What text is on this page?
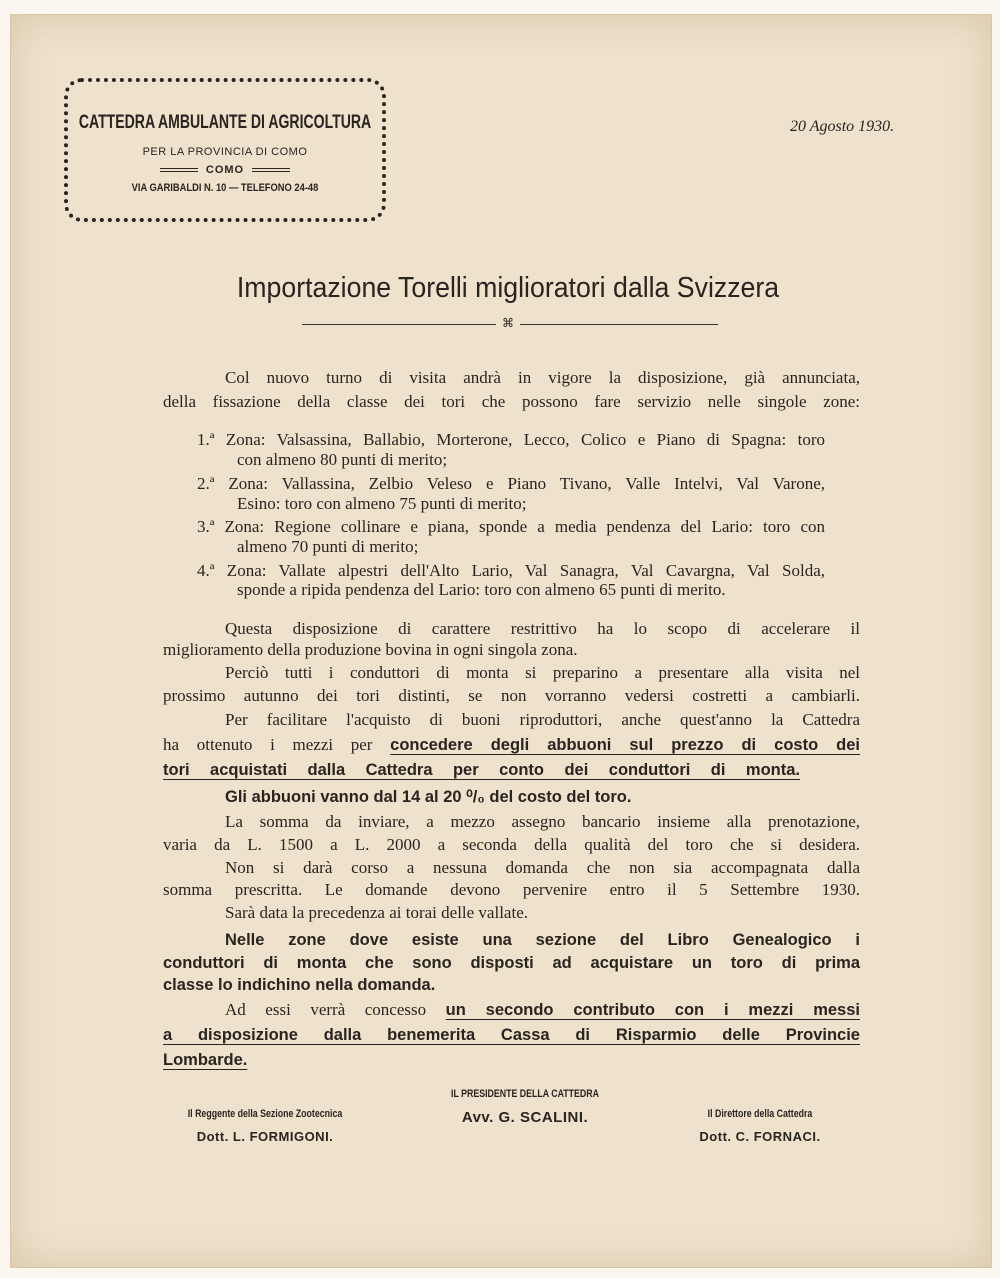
CATTEDRA AMBULANTE DI AGRICOLTURA
PER LA PROVINCIA DI COMO
COMO
VIA GARIBALDI N. 10 — TELEFONO 24-48
20 Agosto 1930.
Importazione Torelli miglioratori dalla Svizzera
⌘
Col nuovo turno di visita andrà in vigore la disposizione, già annunciata,
della fissazione della classe dei tori che possono fare servizio nelle singole zone:
1.ª Zona: Valsassina, Ballabio, Morterone, Lecco, Colico e Piano di Spagna: toro
con almeno 80 punti di merito;
2.ª Zona: Vallassina, Zelbio Veleso e Piano Tivano, Valle Intelvi, Val Varone,
Esino: toro con almeno 75 punti di merito;
3.ª Zona: Regione collinare e piana, sponde a media pendenza del Lario: toro con
almeno 70 punti di merito;
4.ª Zona: Vallate alpestri dell'Alto Lario, Val Sanagra, Val Cavargna, Val Solda,
sponde a ripida pendenza del Lario: toro con almeno 65 punti di merito.
Questa disposizione di carattere restrittivo ha lo scopo di accelerare il
miglioramento della produzione bovina in ogni singola zona.
Perciò tutti i conduttori di monta si preparino a presentare alla visita nel
prossimo autunno dei tori distinti, se non vorranno vedersi costretti a cambiarli.
Per facilitare l'acquisto di buoni riproduttori, anche quest'anno la Cattedra
ha ottenuto i mezzi per concedere degli abbuoni sul prezzo di costo dei
tori acquistati dalla Cattedra per conto dei conduttori di monta.
Gli abbuoni vanno dal 14 al 20 ⁰/₀ del costo del toro.
La somma da inviare, a mezzo assegno bancario insieme alla prenotazione,
varia da L. 1500 a L. 2000 a seconda della qualità del toro che si desidera.
Non si darà corso a nessuna domanda che non sia accompagnata dalla
somma prescritta. Le domande devono pervenire entro il 5 Settembre 1930.
Sarà data la precedenza ai torai delle vallate.
Nelle zone dove esiste una sezione del Libro Genealogico i
conduttori di monta che sono disposti ad acquistare un toro di prima
classe lo indichino nella domanda.
Ad essi verrà concesso un secondo contributo con i mezzi messi
a disposizione dalla benemerita Cassa di Risparmio delle Provincie
Lombarde.
Il Reggente della Sezione Zootecnica
Dott. L. FORMIGONI.
IL PRESIDENTE DELLA CATTEDRA
Avv. G. SCALINI.	Il Direttore della Cattedra
Dott. C. FORNACI.
